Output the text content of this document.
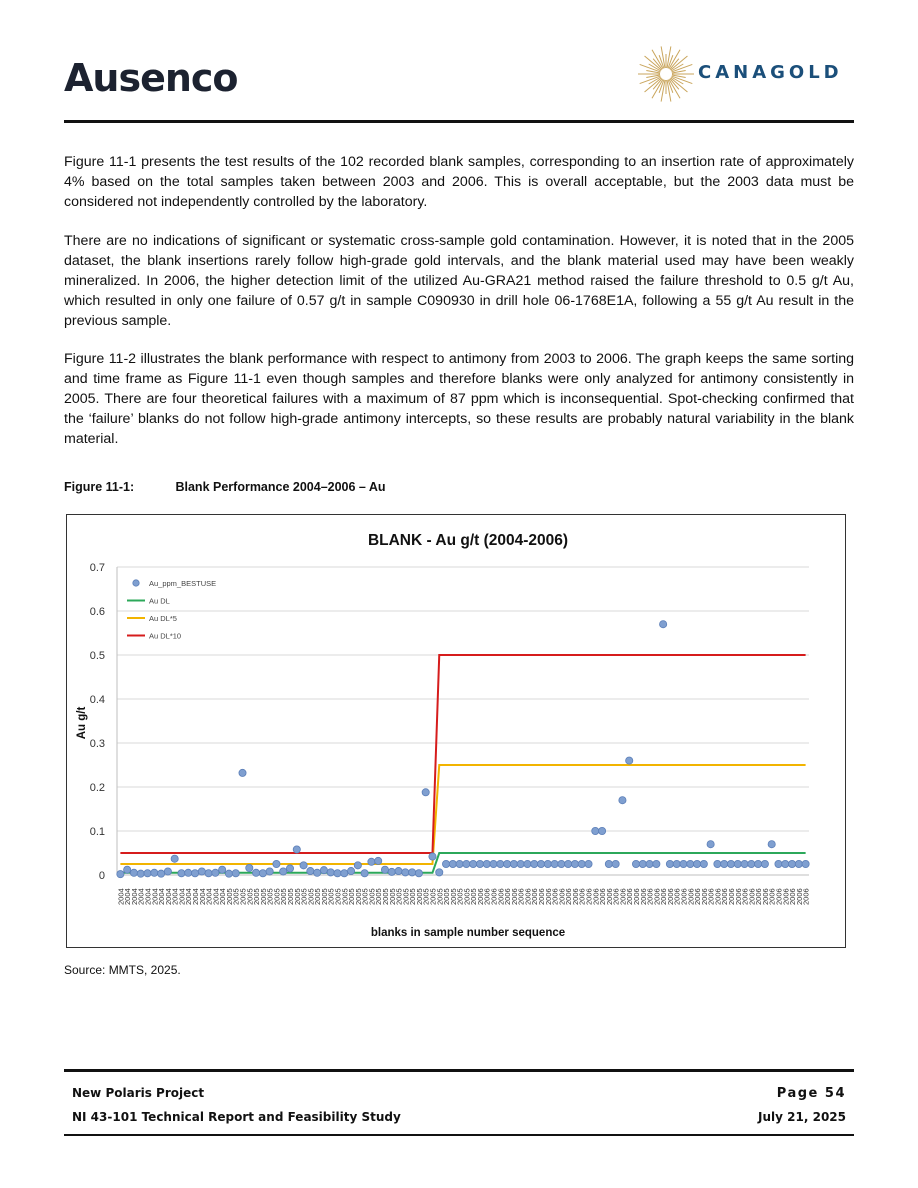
Ausenco	CANAGOLD

Figure 11-1 presents the test results of the 102 recorded blank samples, corresponding to an insertion rate of approximately 4% based on the total samples taken between 2003 and 2006. This is overall acceptable, but the 2003 data must be considered not independently controlled by the laboratory.

There are no indications of significant or systematic cross-sample gold contamination. However, it is noted that in the 2005 dataset, the blank insertions rarely follow high-grade gold intervals, and the blank material used may have been weakly mineralized. In 2006, the higher detection limit of the utilized Au-GRA21 method raised the failure threshold to 0.5 g/t Au, which resulted in only one failure of 0.57 g/t in sample C090930 in drill hole 06-1768E1A, following a 55 g/t Au result in the previous sample.

Figure 11-2 illustrates the blank performance with respect to antimony from 2003 to 2006. The graph keeps the same sorting and time frame as Figure 11-1 even though samples and therefore blanks were only analyzed for antimony consistently in 2005. There are four theoretical failures with a maximum of 87 ppm which is inconsequential. Spot-checking confirmed that the ‘failure’ blanks do not follow high-grade antimony intercepts, so these results are probably natural variability in the blank material.

Figure 11-1:	Blank Performance 2004–2006 – Au
BLANK - Au g/t (2004-2006)
0
0.1
0.2
0.3
0.4
0.5
0.6
0.7
Au g/t
blanks in sample number sequence
2004
2004
2004
2004
2004
2004
2004
2004
2004
2004
2004
2004
2004
2004
2004
2004
2005
2005
2005
2005
2005
2005
2005
2005
2005
2005
2005
2005
2005
2005
2005
2005
2005
2005
2005
2005
2005
2005
2005
2005
2005
2005
2005
2005
2005
2005
2005
2005
2005
2005
2005
2005
2005
2006
2006
2006
2006
2006
2006
2006
2006
2006
2006
2006
2006
2006
2006
2006
2006
2006
2006
2006
2006
2006
2006
2006
2006
2006
2006
2006
2006
2006
2006
2006
2006
2006
2006
2006
2006
2006
2006
2006
2006
2006
2006
2006
2006
2006
2006
2006
2006
2006
Au_ppm_BESTUSE
Au DL
Au DL*5
Au DL*10
Source: MMTS, 2025.
New Polaris Project
NI 43-101 Technical Report and Feasibility Study
Page 54
July 21, 2025
